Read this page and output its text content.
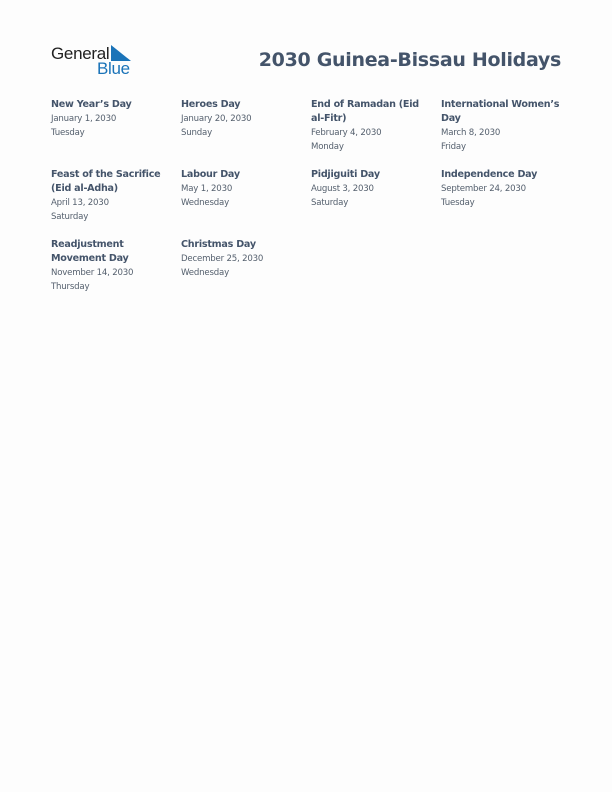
General
Blue	2030 Guinea-Bissau Holidays
New Year’s Day
January 1, 2030
Tuesday
Heroes Day
January 20, 2030
Sunday
End of Ramadan (Eid al-Fitr)
February 4, 2030
Monday
International Women’s Day
March 8, 2030
Friday
Feast of the Sacrifice (Eid al-Adha)
April 13, 2030
Saturday
Labour Day
May 1, 2030
Wednesday
Pidjiguiti Day
August 3, 2030
Saturday
Independence Day
September 24, 2030
Tuesday
Readjustment Movement Day
November 14, 2030
Thursday
Christmas Day
December 25, 2030
Wednesday
